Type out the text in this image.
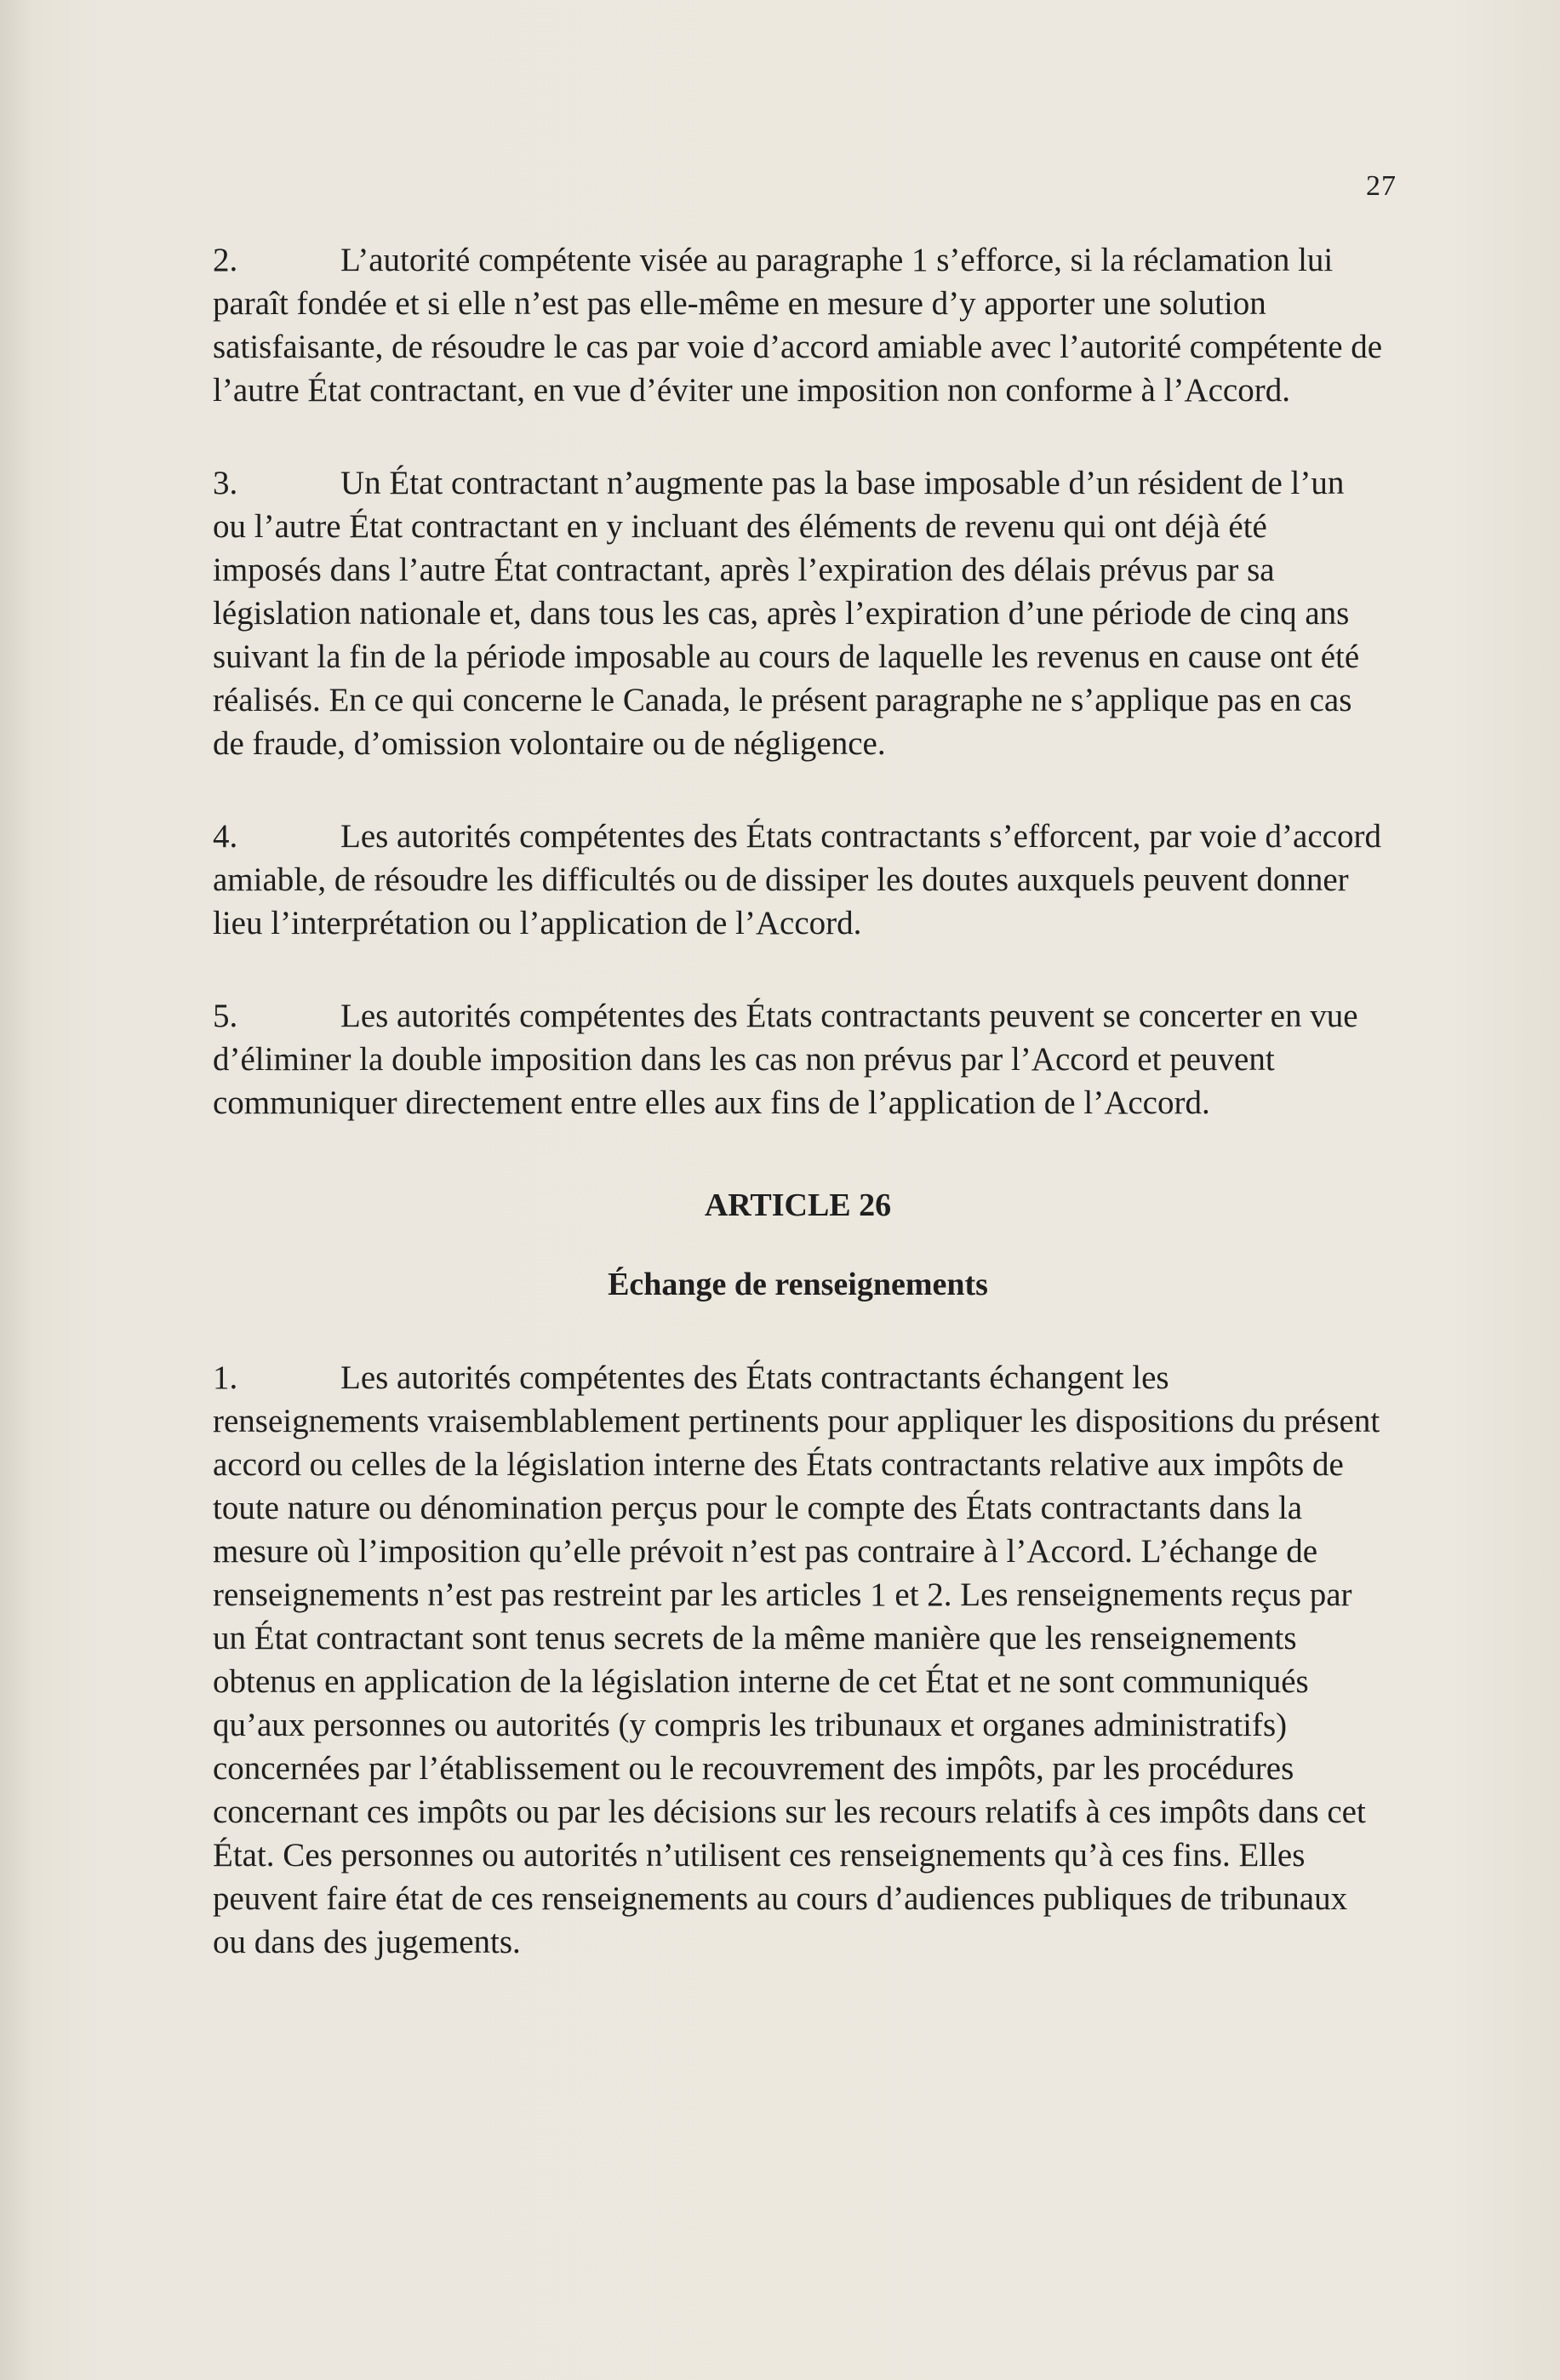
27

2.	L’autorité compétente visée au paragraphe 1 s’efforce, si la réclamation lui paraît fondée et si elle n’est pas elle-même en mesure d’y apporter une solution satisfaisante, de résoudre le cas par voie d’accord amiable avec l’autorité compétente de l’autre État contractant, en vue d’éviter une imposition non conforme à l’Accord.

3.	Un État contractant n’augmente pas la base imposable d’un résident de l’un ou l’autre État contractant en y incluant des éléments de revenu qui ont déjà été imposés dans l’autre État contractant, après l’expiration des délais prévus par sa législation nationale et, dans tous les cas, après l’expiration d’une période de cinq ans suivant la fin de la période imposable au cours de laquelle les revenus en cause ont été réalisés. En ce qui concerne le Canada, le présent paragraphe ne s’applique pas en cas de fraude, d’omission volontaire ou de négligence.

4.	Les autorités compétentes des États contractants s’efforcent, par voie d’accord amiable, de résoudre les difficultés ou de dissiper les doutes auxquels peuvent donner lieu l’interprétation ou l’application de l’Accord.

5.	Les autorités compétentes des États contractants peuvent se concerter en vue d’éliminer la double imposition dans les cas non prévus par l’Accord et peuvent communiquer directement entre elles aux fins de l’application de l’Accord.

ARTICLE 26
Échange de renseignements

1.	Les autorités compétentes des États contractants échangent les renseignements vraisemblablement pertinents pour appliquer les dispositions du présent accord ou celles de la législation interne des États contractants relative aux impôts de toute nature ou dénomination perçus pour le compte des États contractants dans la mesure où l’imposition qu’elle prévoit n’est pas contraire à l’Accord. L’échange de renseignements n’est pas restreint par les articles 1 et 2. Les renseignements reçus par un État contractant sont tenus secrets de la même manière que les renseignements obtenus en application de la législation interne de cet État et ne sont communiqués qu’aux personnes ou autorités (y compris les tribunaux et organes administratifs) concernées par l’établissement ou le recouvrement des impôts, par les procédures concernant ces impôts ou par les décisions sur les recours relatifs à ces impôts dans cet État. Ces personnes ou autorités n’utilisent ces renseignements qu’à ces fins. Elles peuvent faire état de ces renseignements au cours d’audiences publiques de tribunaux ou dans des jugements.
